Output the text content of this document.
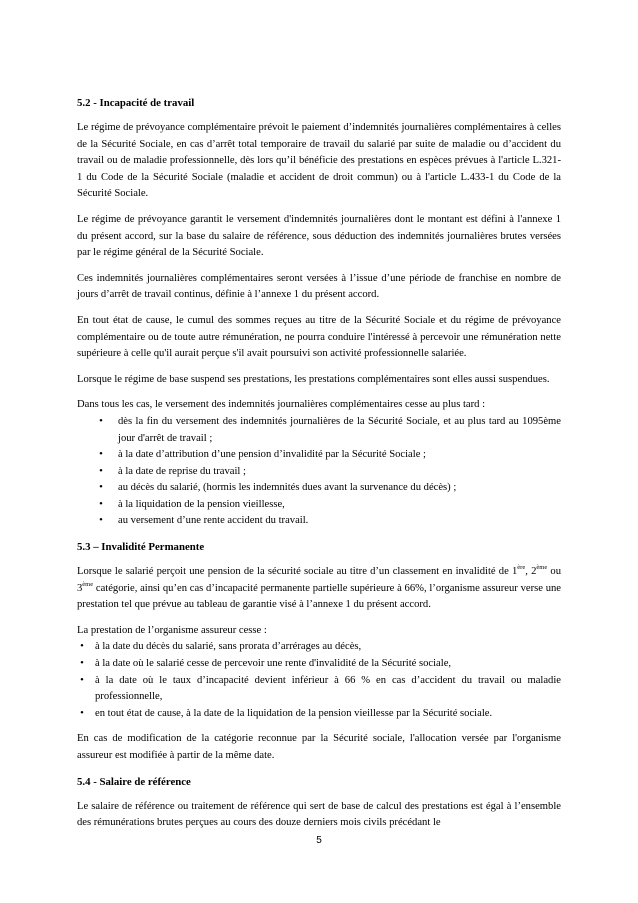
5.2 - Incapacité de travail

Le régime de prévoyance complémentaire prévoit le paiement d’indemnités journalières complémentaires à celles de la Sécurité Sociale, en cas d’arrêt total temporaire de travail du salarié par suite de maladie ou d’accident du travail ou de maladie professionnelle, dès lors qu’il bénéficie des prestations en espèces prévues à l'article L.321-1 du Code de la Sécurité Sociale (maladie et accident de droit commun) ou à l'article L.433-1 du Code de la Sécurité Sociale.

Le régime de prévoyance garantit le versement d'indemnités journalières dont le montant est défini à l'annexe 1 du présent accord, sur la base du salaire de référence, sous déduction des indemnités journalières brutes versées par le régime général de la Sécurité Sociale.

Ces indemnités journalières complémentaires seront versées à l’issue d’une période de franchise en nombre de jours d’arrêt de travail continus, définie à l’annexe 1 du présent accord.

En tout état de cause, le cumul des sommes reçues au titre de la Sécurité Sociale et du régime de prévoyance complémentaire ou de toute autre rémunération, ne pourra conduire l'intéressé à percevoir une rémunération nette supérieure à celle qu'il aurait perçue s'il avait poursuivi son activité professionnelle salariée.

Lorsque le régime de base suspend ses prestations, les prestations complémentaires sont elles aussi suspendues.

Dans tous les cas, le versement des indemnités journalières complémentaires cesse au plus tard :

• dès la fin du versement des indemnités journalières de la Sécurité Sociale, et au plus tard au 1095ème jour d'arrêt de travail ;
• à la date d’attribution d’une pension d’invalidité par la Sécurité Sociale ;
• à la date de reprise du travail ;
• au décès du salarié, (hormis les indemnités dues avant la survenance du décès) ;
• à la liquidation de la pension vieillesse,
• au versement d’une rente accident du travail.
5.3 – Invalidité Permanente

Lorsque le salarié perçoit une pension de la sécurité sociale au titre d’un classement en invalidité de 1ère, 2ème ou 3ème catégorie, ainsi qu’en cas d’incapacité permanente partielle supérieure à 66%, l’organisme assureur verse une prestation tel que prévue au tableau de garantie visé à l’annexe 1 du présent accord.

La prestation de l’organisme assureur cesse :

• à la date du décès du salarié, sans prorata d’arrérages au décès,
• à la date où le salarié cesse de percevoir une rente d'invalidité de la Sécurité sociale,
• à la date où le taux d’incapacité devient inférieur à 66 % en cas d’accident du travail ou maladie professionnelle,
• en tout état de cause, à la date de la liquidation de la pension vieillesse par la Sécurité sociale.

En cas de modification de la catégorie reconnue par la Sécurité sociale, l'allocation versée par l'organisme assureur est modifiée à partir de la même date.

5.4 - Salaire de référence

Le salaire de référence ou traitement de référence qui sert de base de calcul des prestations est égal à l’ensemble des rémunérations brutes perçues au cours des douze derniers mois civils précédant le

5
